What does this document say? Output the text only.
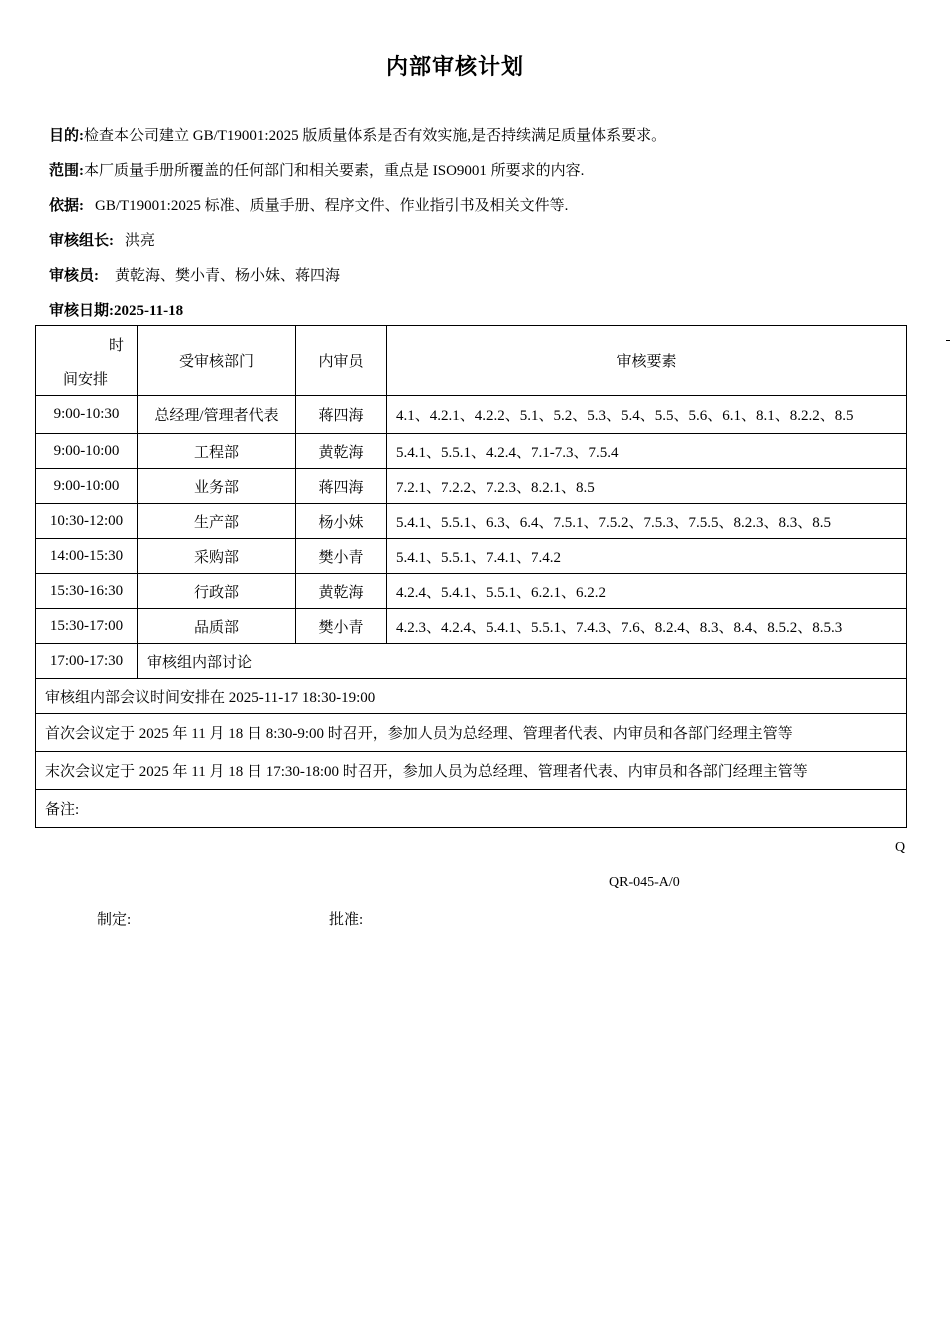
内部审核计划
目的:检查本公司建立 GB/T19001:2025 版质量体系是否有效实施,是否持续满足质量体系要求。
范围:本厂质量手册所覆盖的任何部门和相关要素，重点是 ISO9001 所要求的内容.
依据: GB/T19001:2025 标准、质量手册、程序文件、作业指引书及相关文件等.
审核组长: 洪亮
审核员: 黄乾海、樊小青、杨小妹、蒋四海
审核日期:2025-11-18
时
间安排	受审核部门	内审员	审核要素
9:00-10:30	总经理/管理者代表	蒋四海	4.1、4.2.1、4.2.2、5.1、5.2、5.3、5.4、5.5、5.6、6.1、8.1、8.2.2、8.5
9:00-10:00	工程部	黄乾海	5.4.1、5.5.1、4.2.4、7.1-7.3、7.5.4
9:00-10:00	业务部	蒋四海	7.2.1、7.2.2、7.2.3、8.2.1、8.5
10:30-12:00	生产部	杨小妹	5.4.1、5.5.1、6.3、6.4、7.5.1、7.5.2、7.5.3、7.5.5、8.2.3、8.3、8.5
14:00-15:30	采购部	樊小青	5.4.1、5.5.1、7.4.1、7.4.2
15:30-16:30	行政部	黄乾海	4.2.4、5.4.1、5.5.1、6.2.1、6.2.2
15:30-17:00	品质部	樊小青	4.2.3、4.2.4、5.4.1、5.5.1、7.4.3、7.6、8.2.4、8.3、8.4、8.5.2、8.5.3
17:00-17:30	审核组内部讨论		
审核组内部会议时间安排在 2025-11-17 18:30-19:00			
首次会议定于 2025 年 11 月 18 日 8:30-9:00 时召开，参加人员为总经理、管理者代表、内审员和各部门经理主管等			
末次会议定于 2025 年 11 月 18 日 17:30-18:00 时召开，参加人员为总经理、管理者代表、内审员和各部门经理主管等			
备注:			
Q
QR-045-A/0
制定:	批准:
